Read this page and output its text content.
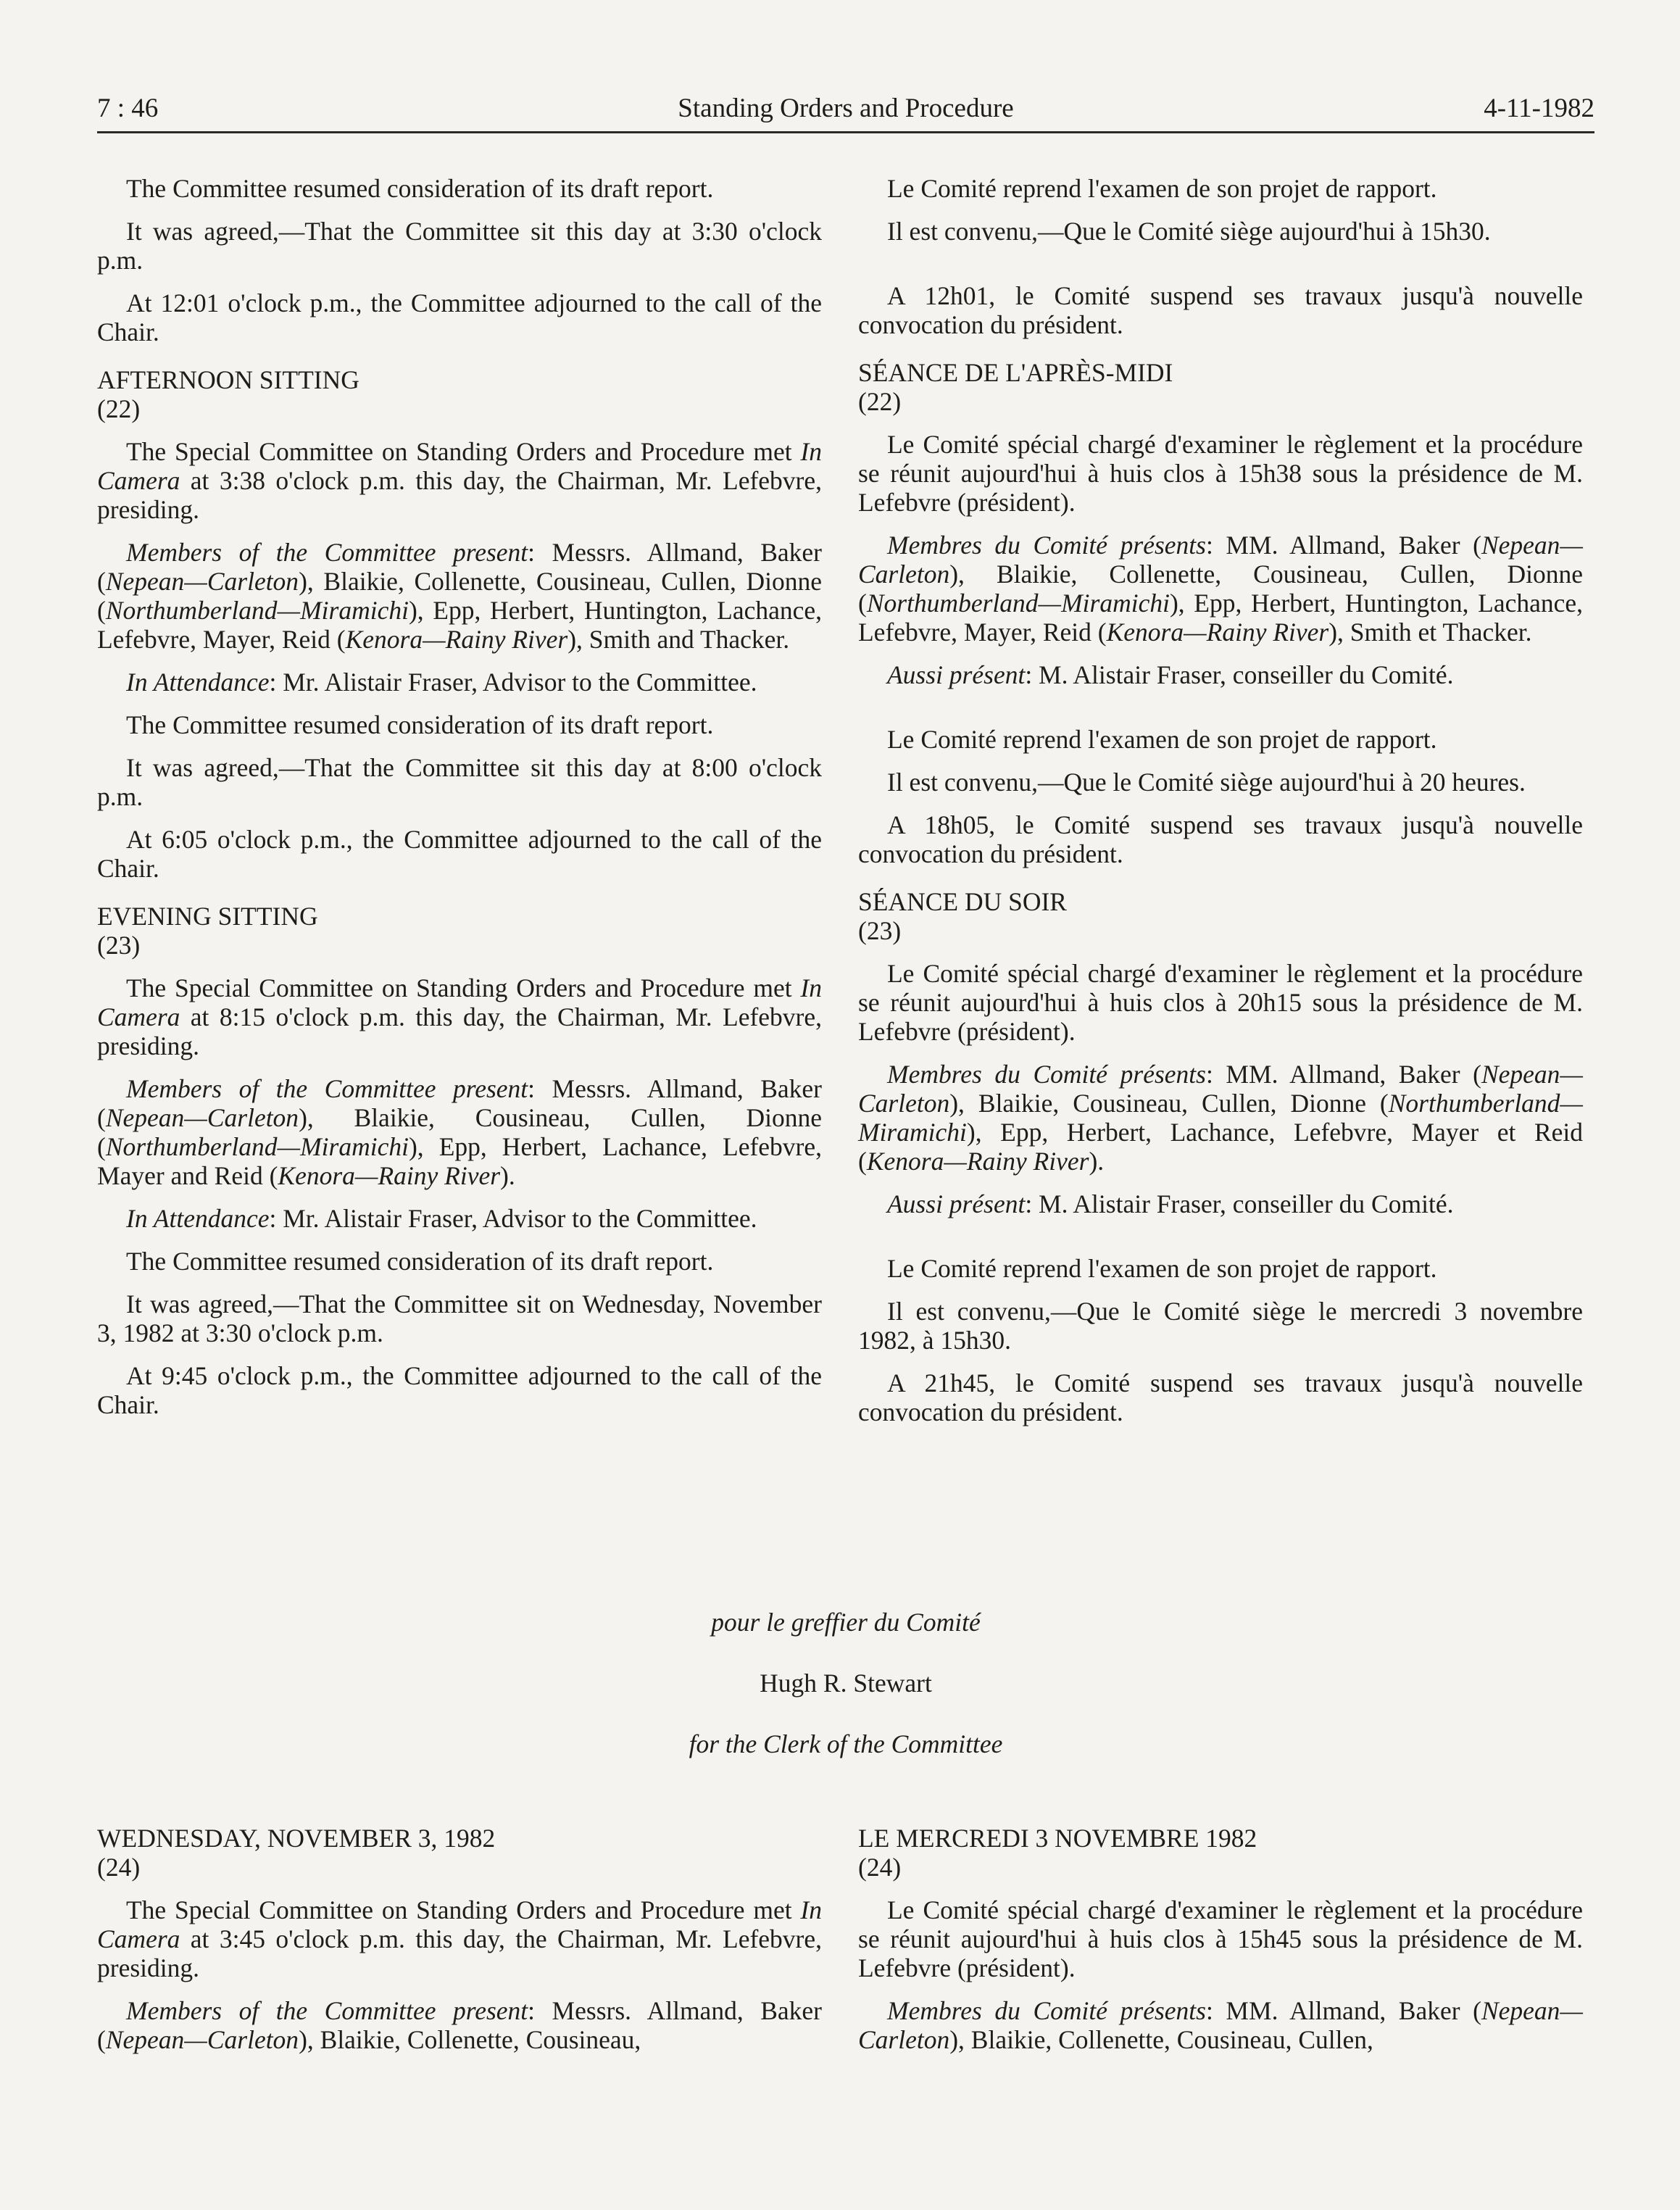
7 : 46	Standing Orders and Procedure	4-11-1982

The Committee resumed consideration of its draft report.

It was agreed,—That the Committee sit this day at 3:30 o'clock p.m.

At 12:01 o'clock p.m., the Committee adjourned to the call of the Chair.

AFTERNOON SITTING
(22)

The Special Committee on Standing Orders and Procedure met In Camera at 3:38 o'clock p.m. this day, the Chairman, Mr. Lefebvre, presiding.

Members of the Committee present: Messrs. Allmand, Baker (Nepean—Carleton), Blaikie, Collenette, Cousineau, Cullen, Dionne (Northumberland—Miramichi), Epp, Herbert, Huntington, Lachance, Lefebvre, Mayer, Reid (Kenora—Rainy River), Smith and Thacker.

In Attendance: Mr. Alistair Fraser, Advisor to the Committee.

The Committee resumed consideration of its draft report.

It was agreed,—That the Committee sit this day at 8:00 o'clock p.m.

At 6:05 o'clock p.m., the Committee adjourned to the call of the Chair.

EVENING SITTING
(23)

The Special Committee on Standing Orders and Procedure met In Camera at 8:15 o'clock p.m. this day, the Chairman, Mr. Lefebvre, presiding.

Members of the Committee present: Messrs. Allmand, Baker (Nepean—Carleton), Blaikie, Cousineau, Cullen, Dionne (Northumberland—Miramichi), Epp, Herbert, Lachance, Lefebvre, Mayer and Reid (Kenora—Rainy River).

In Attendance: Mr. Alistair Fraser, Advisor to the Committee.

The Committee resumed consideration of its draft report.

It was agreed,—That the Committee sit on Wednesday, November 3, 1982 at 3:30 o'clock p.m.

At 9:45 o'clock p.m., the Committee adjourned to the call of the Chair.

Le Comité reprend l'examen de son projet de rapport.

Il est convenu,—Que le Comité siège aujourd'hui à 15h30.

A 12h01, le Comité suspend ses travaux jusqu'à nouvelle convocation du président.

SÉANCE DE L'APRÈS-MIDI
(22)

Le Comité spécial chargé d'examiner le règlement et la procédure se réunit aujourd'hui à huis clos à 15h38 sous la présidence de M. Lefebvre (président).

Membres du Comité présents: MM. Allmand, Baker (Nepean—Carleton), Blaikie, Collenette, Cousineau, Cullen, Dionne (Northumberland—Miramichi), Epp, Herbert, Huntington, Lachance, Lefebvre, Mayer, Reid (Kenora—Rainy River), Smith et Thacker.

Aussi présent: M. Alistair Fraser, conseiller du Comité.

Le Comité reprend l'examen de son projet de rapport.

Il est convenu,—Que le Comité siège aujourd'hui à 20 heures.

A 18h05, le Comité suspend ses travaux jusqu'à nouvelle convocation du président.

SÉANCE DU SOIR
(23)

Le Comité spécial chargé d'examiner le règlement et la procédure se réunit aujourd'hui à huis clos à 20h15 sous la présidence de M. Lefebvre (président).

Membres du Comité présents: MM. Allmand, Baker (Nepean—Carleton), Blaikie, Cousineau, Cullen, Dionne (Northumberland—Miramichi), Epp, Herbert, Lachance, Lefebvre, Mayer et Reid (Kenora—Rainy River).

Aussi présent: M. Alistair Fraser, conseiller du Comité.

Le Comité reprend l'examen de son projet de rapport.

Il est convenu,—Que le Comité siège le mercredi 3 novembre 1982, à 15h30.

A 21h45, le Comité suspend ses travaux jusqu'à nouvelle convocation du président.

pour le greffier du Comité
Hugh R. Stewart
for the Clerk of the Committee

WEDNESDAY, NOVEMBER 3, 1982
(24)

The Special Committee on Standing Orders and Procedure met In Camera at 3:45 o'clock p.m. this day, the Chairman, Mr. Lefebvre, presiding.

Members of the Committee present: Messrs. Allmand, Baker (Nepean—Carleton), Blaikie, Collenette, Cousineau,

LE MERCREDI 3 NOVEMBRE 1982
(24)

Le Comité spécial chargé d'examiner le règlement et la procédure se réunit aujourd'hui à huis clos à 15h45 sous la présidence de M. Lefebvre (président).

Membres du Comité présents: MM. Allmand, Baker (Nepean—Carleton), Blaikie, Collenette, Cousineau, Cullen,
